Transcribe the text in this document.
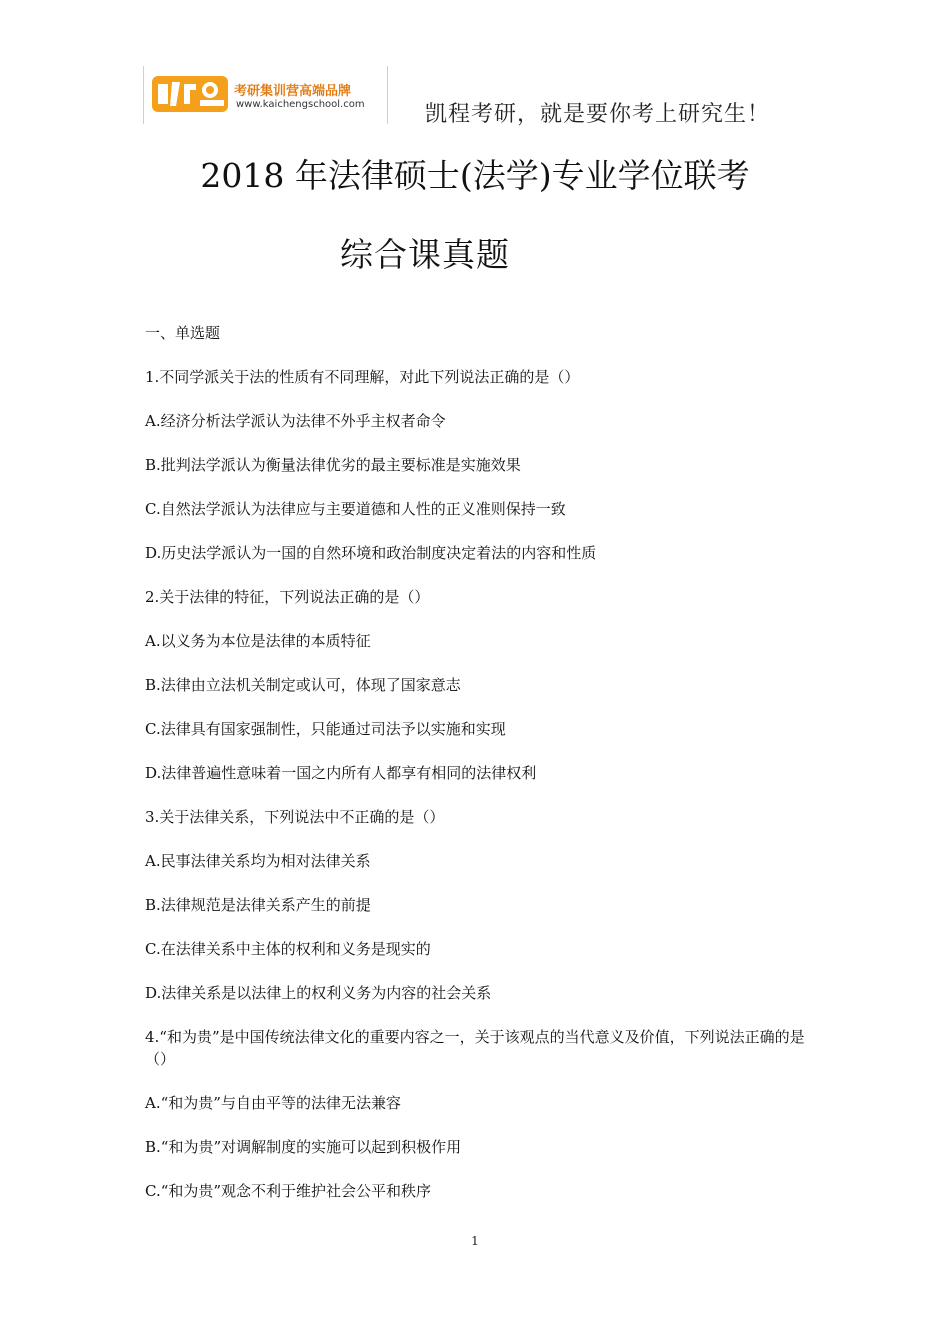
考研集训营高端品牌
www.kaichengschool.com	凯程考研，就是要你考上研究生！
2018 年法律硕士(法学)专业学位联考
综合课真题

一、单选题

1.不同学派关于法的性质有不同理解，对此下列说法正确的是（）

A.经济分析法学派认为法律不外乎主权者命令

B.批判法学派认为衡量法律优劣的最主要标准是实施效果

C.自然法学派认为法律应与主要道德和人性的正义准则保持一致

D.历史法学派认为一国的自然环境和政治制度决定着法的内容和性质

2.关于法律的特征，下列说法正确的是（）

A.以义务为本位是法律的本质特征

B.法律由立法机关制定或认可，体现了国家意志

C.法律具有国家强制性，只能通过司法予以实施和实现

D.法律普遍性意味着一国之内所有人都享有相同的法律权利

3.关于法律关系，下列说法中不正确的是（）

A.民事法律关系均为相对法律关系

B.法律规范是法律关系产生的前提

C.在法律关系中主体的权利和义务是现实的

D.法律关系是以法律上的权利义务为内容的社会关系

4.“和为贵”是中国传统法律文化的重要内容之一，关于该观点的当代意义及价值，下列说法正确的是（）

A.“和为贵”与自由平等的法律无法兼容

B.“和为贵”对调解制度的实施可以起到积极作用

C.“和为贵”观念不利于维护社会公平和秩序

1
